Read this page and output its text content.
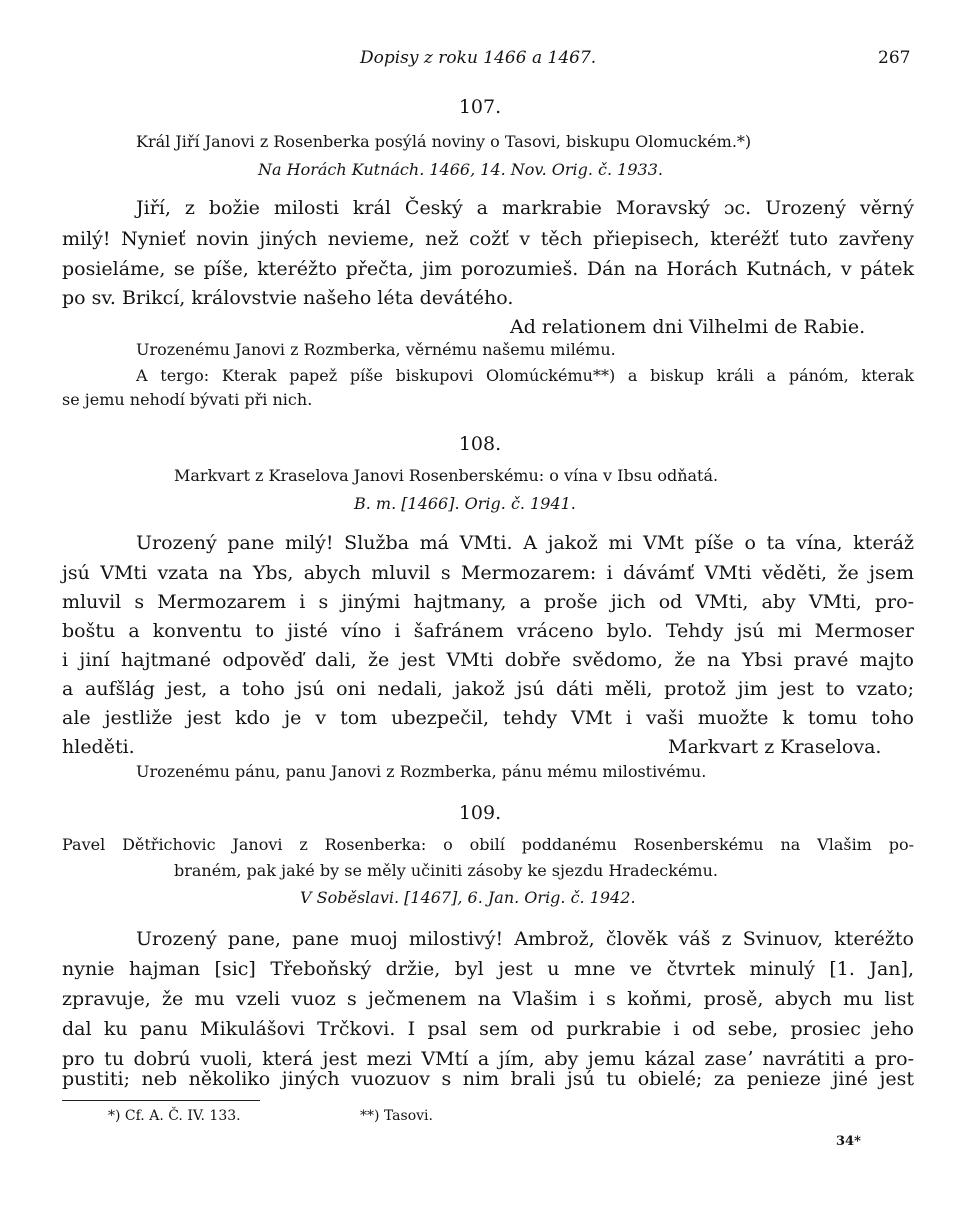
Dopisy z roku 1466 a 1467.	267
107.
Král Jiří Janovi z Rosenberka posýlá noviny o Tasovi, biskupu Olomuckém.*)
Na Horách Kutnách. 1466, 14. Nov. Orig. č. 1933.
Jiří, z božie milosti král Český a markrabie Moravský ɔc. Urozený věrný
milý! Nynieť novin jiných nevieme, než cožť v těch přiepisech, kteréžť tuto zavřeny
posieláme, se píše, kteréžto přečta, jim porozumieš. Dán na Horách Kutnách, v pátek
po sv. Brikcí, královstvie našeho léta devátého.
Ad relationem dni Vilhelmi de Rabie.
Urozenému Janovi z Rozmberka, věrnému našemu milému.
A tergo: Kterak papež píše biskupovi Olomúckému**) a biskup králi a pánóm, kterak
se jemu nehodí bývati při nich.
108.
Markvart z Kraselova Janovi Rosenberskému: o vína v Ibsu odňatá.
B. m. [1466]. Orig. č. 1941.
Urozený pane milý! Služba má VMti. A jakož mi VMt píše o ta vína, kteráž
jsú VMti vzata na Ybs, abych mluvil s Mermozarem: i dávámť VMti věděti, že jsem
mluvil s Mermozarem i s jinými hajtmany, a proše jich od VMti, aby VMti, pro-
boštu a konventu to jisté víno i šafránem vráceno bylo. Tehdy jsú mi Mermoser
i jiní hajtmané odpověď dali, že jest VMti dobře svědomo, že na Ybsi pravé majto
a aufšlág jest, a toho jsú oni nedali, jakož jsú dáti měli, protož jim jest to vzato;
ale jestliže jest kdo je v tom ubezpečil, tehdy VMt i vaši muožte k tomu toho
hleděti.	Markvart z Kraselova.
Urozenému pánu, panu Janovi z Rozmberka, pánu mému milostivému.
109.
Pavel Dětřichovic Janovi z Rosenberka: o obilí poddanému Rosenberskému na Vlašim po-
braném, pak jaké by se měly učiniti zásoby ke sjezdu Hradeckému.
V Soběslavi. [1467], 6. Jan. Orig. č. 1942.
Urozený pane, pane muoj milostivý! Ambrož, člověk váš z Svinuov, kteréžto
nynie hajman [sic] Třeboňský držie, byl jest u mne ve čtvrtek minulý [1. Jan],
zpravuje, že mu vzeli vuoz s ječmenem na Vlašim i s koňmi, prosě, abych mu list
dal ku panu Mikulášovi Trčkovi. I psal sem od purkrabie i od sebe, prosiec jeho
pro tu dobrú vuoli, která jest mezi VMtí a jím, aby jemu kázal zaseʼ navrátiti a pro-
pustiti; neb několiko jiných vuozuov s nim brali jsú tu obielé; za penieze jiné jest
*) Cf. A. Č. IV. 133.	**) Tasovi.
34*
